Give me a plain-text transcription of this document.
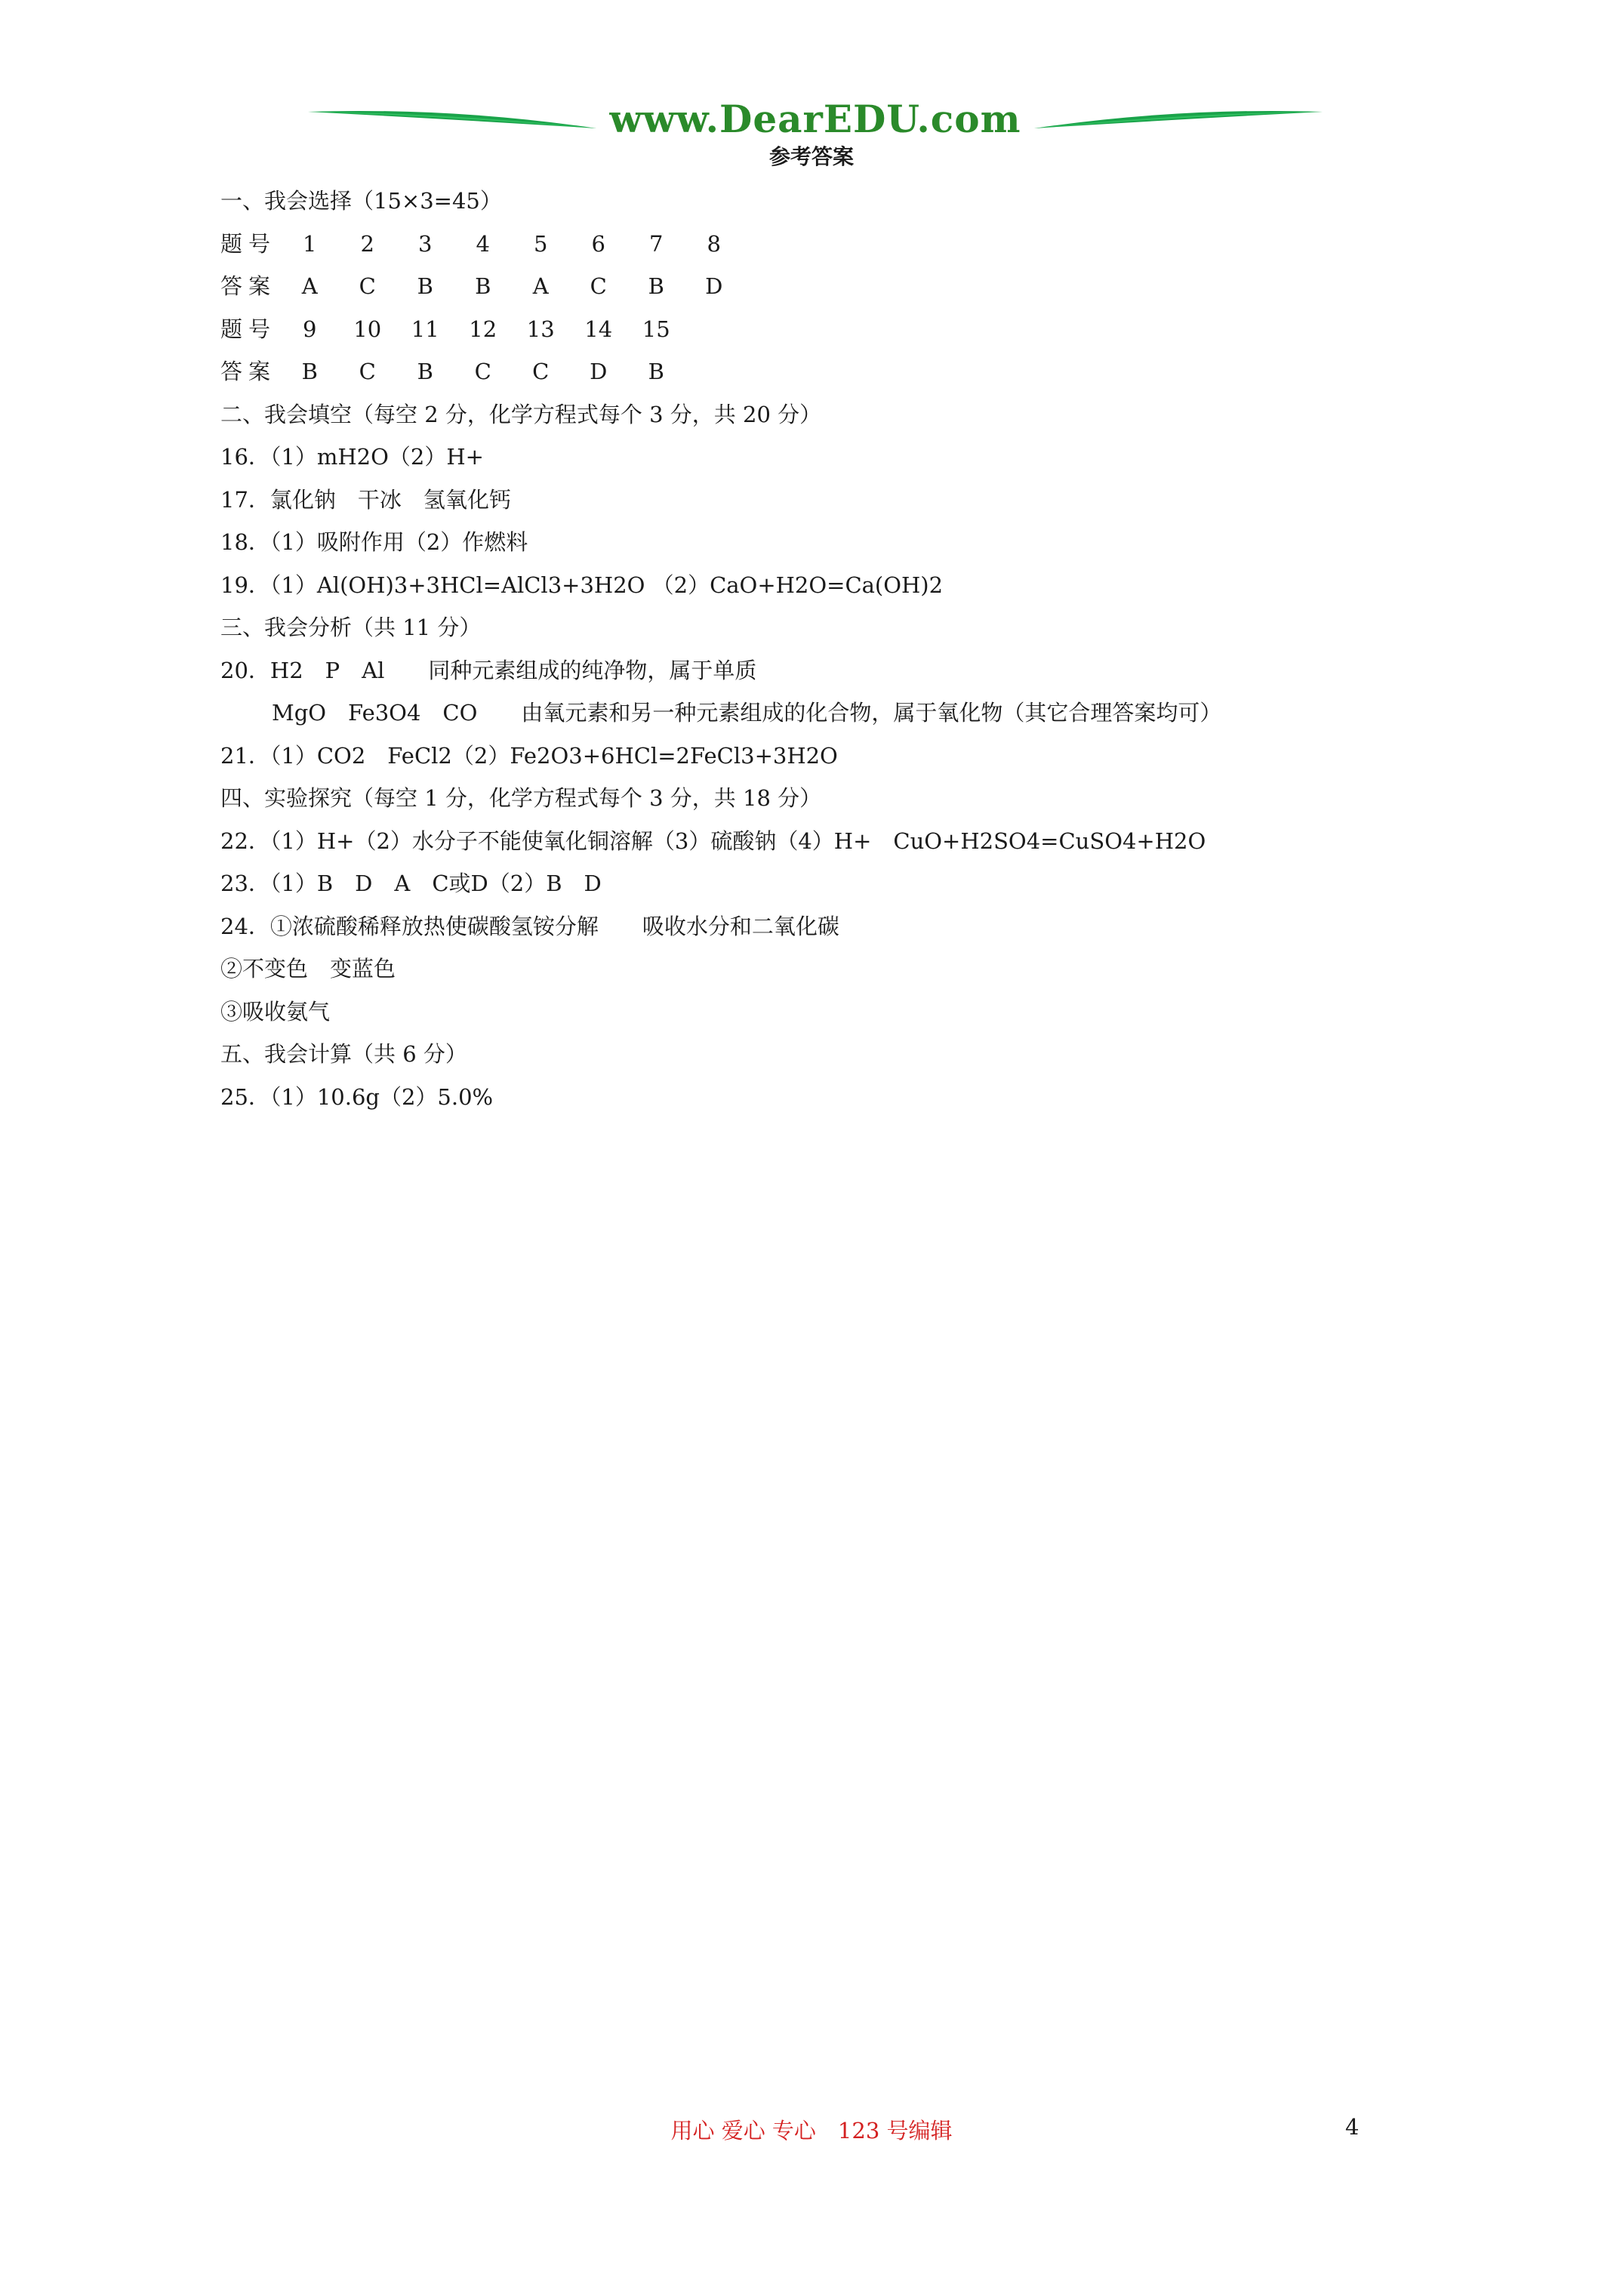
www.DearEDU.com
参考答案
一、我会选择（15×3=45）
题号 1 2 3 4 5 6 7 8
答案 A C B B A C B D
题号 9 10 11 12 13 14 15
答案 B C B C C D B
二、我会填空（每空 2 分，化学方程式每个 3 分，共 20 分）
16．（1）mH2O（2）H+
17．氯化钠　干冰　氢氧化钙
18．（1）吸附作用（2）作燃料
19．（1）Al(OH)3+3HCl=AlCl3+3H2O （2）CaO+H2O=Ca(OH)2
三、我会分析（共 11 分）
20．H2　P　Al　　同种元素组成的纯净物，属于单质
MgO　Fe3O4　CO　　由氧元素和另一种元素组成的化合物，属于氧化物（其它合理答案均可）
21．（1）CO2　FeCl2（2）Fe2O3+6HCl=2FeCl3+3H2O
四、实验探究（每空 1 分，化学方程式每个 3 分，共 18 分）
22．（1）H+（2）水分子不能使氧化铜溶解（3）硫酸钠（4）H+　CuO+H2SO4=CuSO4+H2O
23．（1）B　D　A　C或D（2）B　D
24．①浓硫酸稀释放热使碳酸氢铵分解　　吸收水分和二氧化碳
②不变色　变蓝色
③吸收氨气
五、我会计算（共 6 分）
25．（1）10.6g（2）5.0%
用心 爱心 专心　123 号编辑	4
